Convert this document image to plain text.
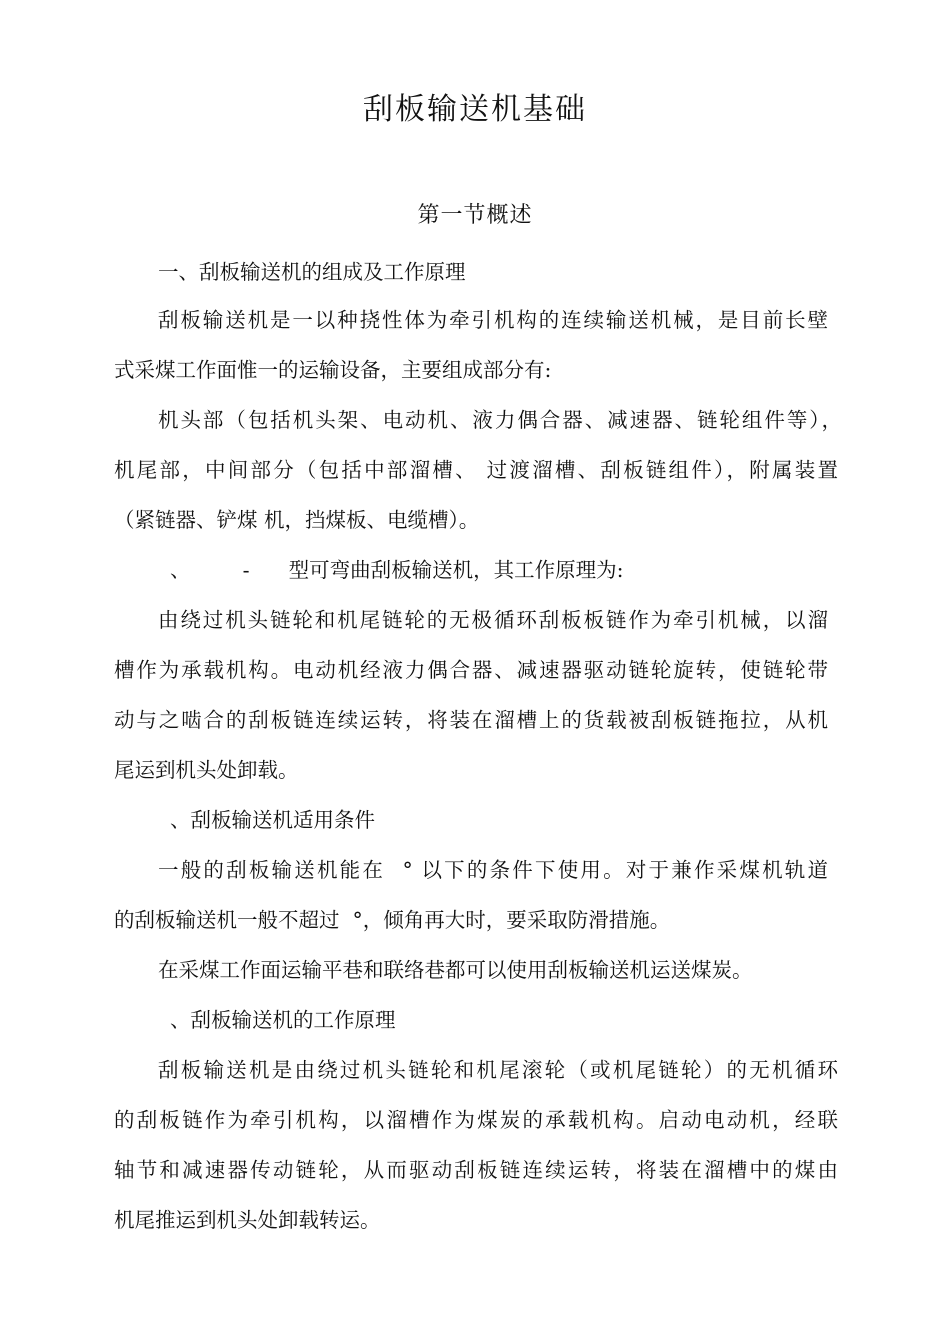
刮板输送机基础
第一节概述
一、刮板输送机的组成及工作原理
刮板输送机是一以种挠性体为牵引机构的连续输送机械，是目前长壁
式采煤工作面惟一的运输设备，主要组成部分有:
机头部（包括机头架、电动机、液力偶合器、减速器、链轮组件等），
机尾部，中间部分（包括中部溜槽、 过渡溜槽、刮板链组件），附属装置
（紧链器、铲煤 机，挡煤板、电缆槽）。
、        -      型可弯曲刮板输送机，其工作原理为:
由绕过机头链轮和机尾链轮的无极循环刮板板链作为牵引机械，以溜
槽作为承载机构。电动机经液力偶合器、减速器驱动链轮旋转，使链轮带
动与之啮合的刮板链连续运转，将装在溜槽上的货载被刮板链拖拉，从机
尾运到机头处卸载。
、刮板输送机适用条件
一般的刮板输送机能在  ° 以下的条件下使用。对于兼作采煤机轨道
的刮板输送机一般不超过  °，倾角再大时，要采取防滑措施。
在采煤工作面运输平巷和联络巷都可以使用刮板输送机运送煤炭。
、刮板输送机的工作原理
刮板输送机是由绕过机头链轮和机尾滚轮（或机尾链轮）的无机循环
的刮板链作为牵引机构，以溜槽作为煤炭的承载机构。启动电动机，经联
轴节和减速器传动链轮，从而驱动刮板链连续运转，将装在溜槽中的煤由
机尾推运到机头处卸载转运。
